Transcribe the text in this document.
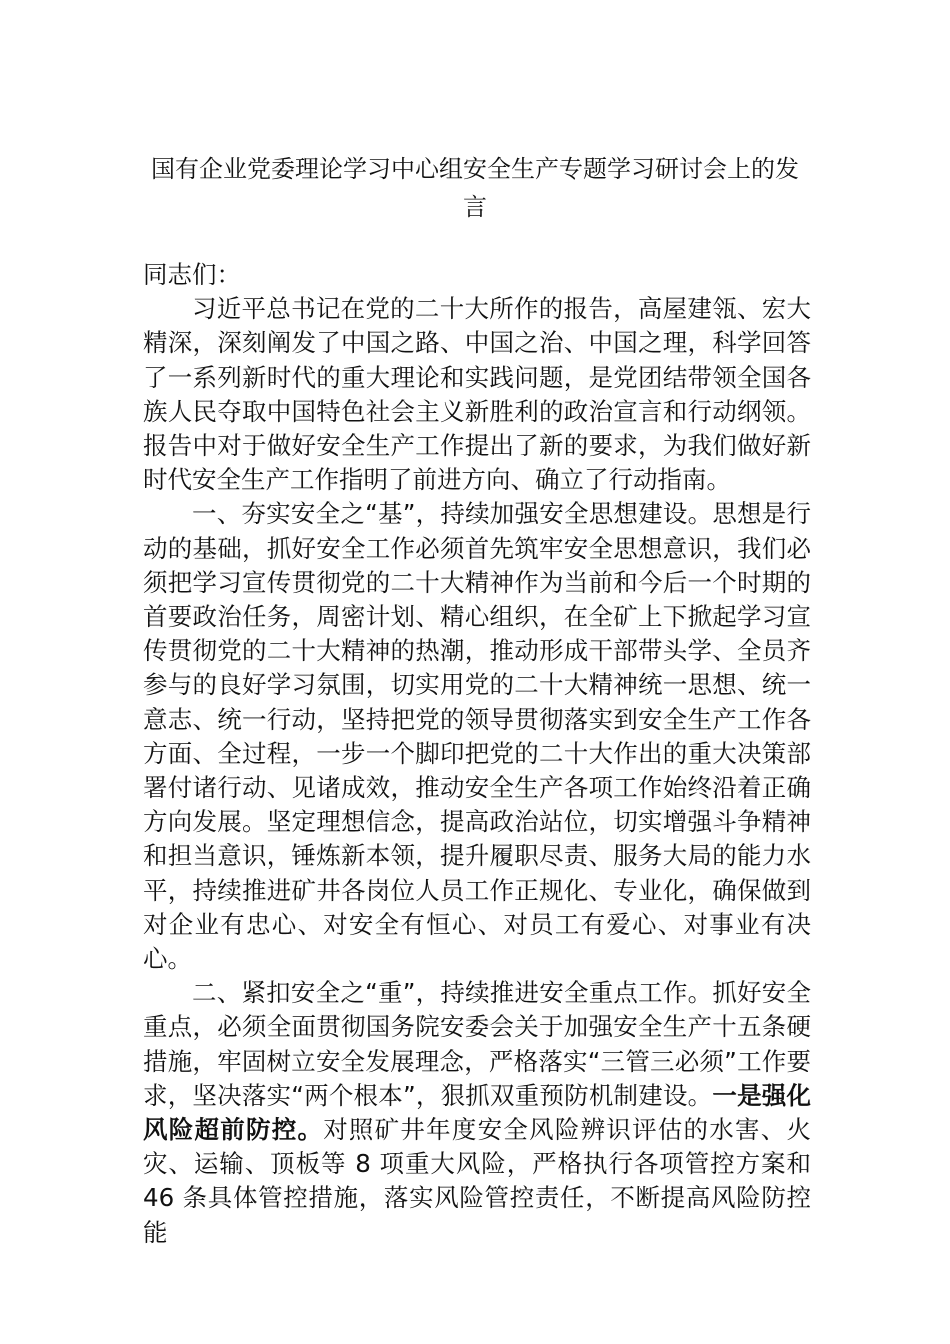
国有企业党委理论学习中心组安全生产专题学习研讨会上的发言

同志们：

习近平总书记在党的二十大所作的报告，高屋建瓴、宏大精深，深刻阐发了中国之路、中国之治、中国之理，科学回答了一系列新时代的重大理论和实践问题，是党团结带领全国各族人民夺取中国特色社会主义新胜利的政治宣言和行动纲领。报告中对于做好安全生产工作提出了新的要求，为我们做好新时代安全生产工作指明了前进方向、确立了行动指南。

一、夯实安全之“基”，持续加强安全思想建设。思想是行动的基础，抓好安全工作必须首先筑牢安全思想意识，我们必须把学习宣传贯彻党的二十大精神作为当前和今后一个时期的首要政治任务，周密计划、精心组织，在全矿上下掀起学习宣传贯彻党的二十大精神的热潮，推动形成干部带头学、全员齐参与的良好学习氛围，切实用党的二十大精神统一思想、统一意志、统一行动，坚持把党的领导贯彻落实到安全生产工作各方面、全过程，一步一个脚印把党的二十大作出的重大决策部署付诸行动、见诸成效，推动安全生产各项工作始终沿着正确方向发展。坚定理想信念，提高政治站位，切实增强斗争精神和担当意识，锤炼新本领，提升履职尽责、服务大局的能力水平，持续推进矿井各岗位人员工作正规化、专业化，确保做到对企业有忠心、对安全有恒心、对员工有爱心、对事业有决心。

二、紧扣安全之“重”，持续推进安全重点工作。抓好安全重点，必须全面贯彻国务院安委会关于加强安全生产十五条硬措施，牢固树立安全发展理念，严格落实“三管三必须”工作要求，坚决落实“两个根本”，狠抓双重预防机制建设。一是强化风险超前防控。对照矿井年度安全风险辨识评估的水害、火灾、运输、顶板等 8 项重大风险，严格执行各项管控方案和 46 条具体管控措施，落实风险管控责任，不断提高风险防控能
